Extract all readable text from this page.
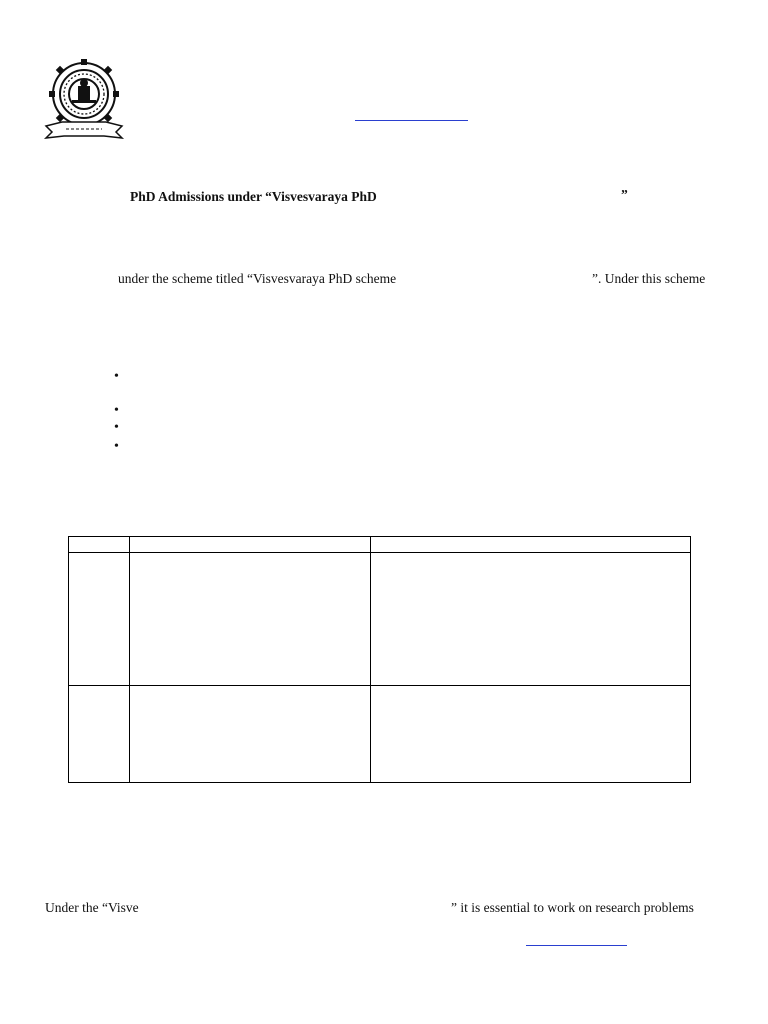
PhD Admissions under “Visvesvaraya PhD	”
under the scheme titled “Visvesvaraya PhD scheme	”. Under this scheme
•
•
•
•

Under the “Visve	” it is essential to work on research problems
